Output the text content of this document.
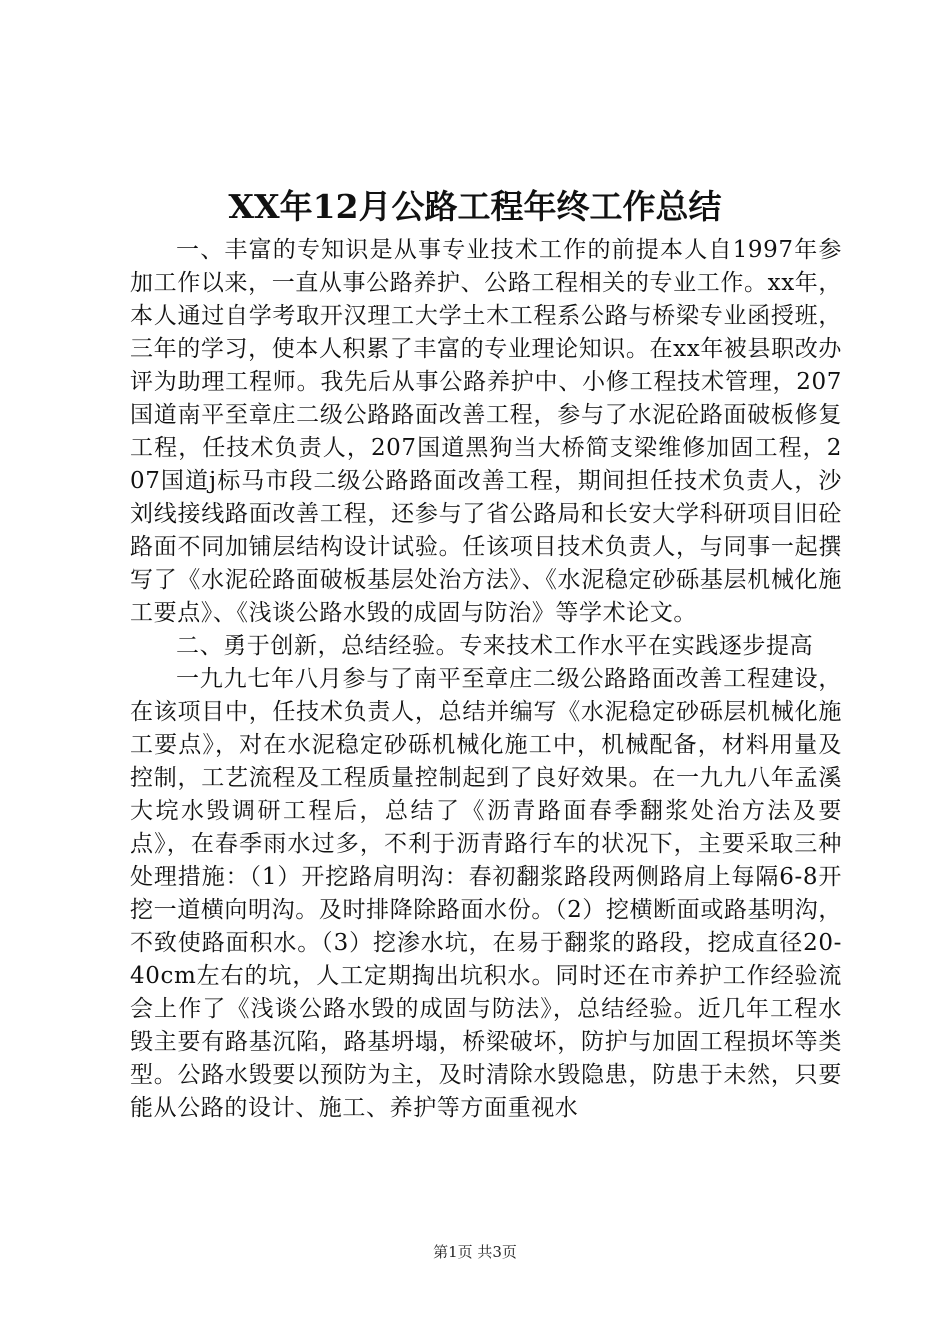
XX年12月公路工程年终工作总结

一、丰富的专知识是从事专业技术工作的前提本人自1997年参加工作以来，一直从事公路养护、公路工程相关的专业工作。xx年，本人通过自学考取开汉理工大学土木工程系公路与桥梁专业函授班，三年的学习，使本人积累了丰富的专业理论知识。在xx年被县职改办评为助理工程师。我先后从事公路养护中、小修工程技术管理，207国道南平至章庄二级公路路面改善工程，参与了水泥砼路面破板修复工程，任技术负责人，207国道黑狗当大桥简支梁维修加固工程，207国道j标马市段二级公路路面改善工程，期间担任技术负责人，沙刘线接线路面改善工程，还参与了省公路局和长安大学科研项目旧砼路面不同加铺层结构设计试验。任该项目技术负责人，与同事一起撰写了《水泥砼路面破板基层处治方法》、《水泥稳定砂砾基层机械化施工要点》、《浅谈公路水毁的成固与防治》等学术论文。

二、勇于创新，总结经验。专来技术工作水平在实践逐步提高

一九九七年八月参与了南平至章庄二级公路路面改善工程建设，在该项目中，任技术负责人，总结并编写《水泥稳定砂砾层机械化施工要点》，对在水泥稳定砂砾机械化施工中，机械配备，材料用量及控制，工艺流程及工程质量控制起到了良好效果。在一九九八年孟溪大垸水毁调研工程后，总结了《沥青路面春季翻浆处治方法及要点》，在春季雨水过多，不利于沥青路行车的状况下，主要采取三种处理措施：（1）开挖路肩明沟：春初翻浆路段两侧路肩上每隔6-8开挖一道横向明沟。及时排降除路面水份。（2）挖横断面或路基明沟，不致使路面积水。（3）挖渗水坑，在易于翻浆的路段，挖成直径20-40cm左右的坑，人工定期掏出坑积水。同时还在市养护工作经验流会上作了《浅谈公路水毁的成固与防法》，总结经验。近几年工程水毁主要有路基沉陷，路基坍塌，桥梁破坏，防护与加固工程损坏等类型。公路水毁要以预防为主，及时清除水毁隐患，防患于未然，只要能从公路的设计、施工、养护等方面重视水

第1页 共3页
